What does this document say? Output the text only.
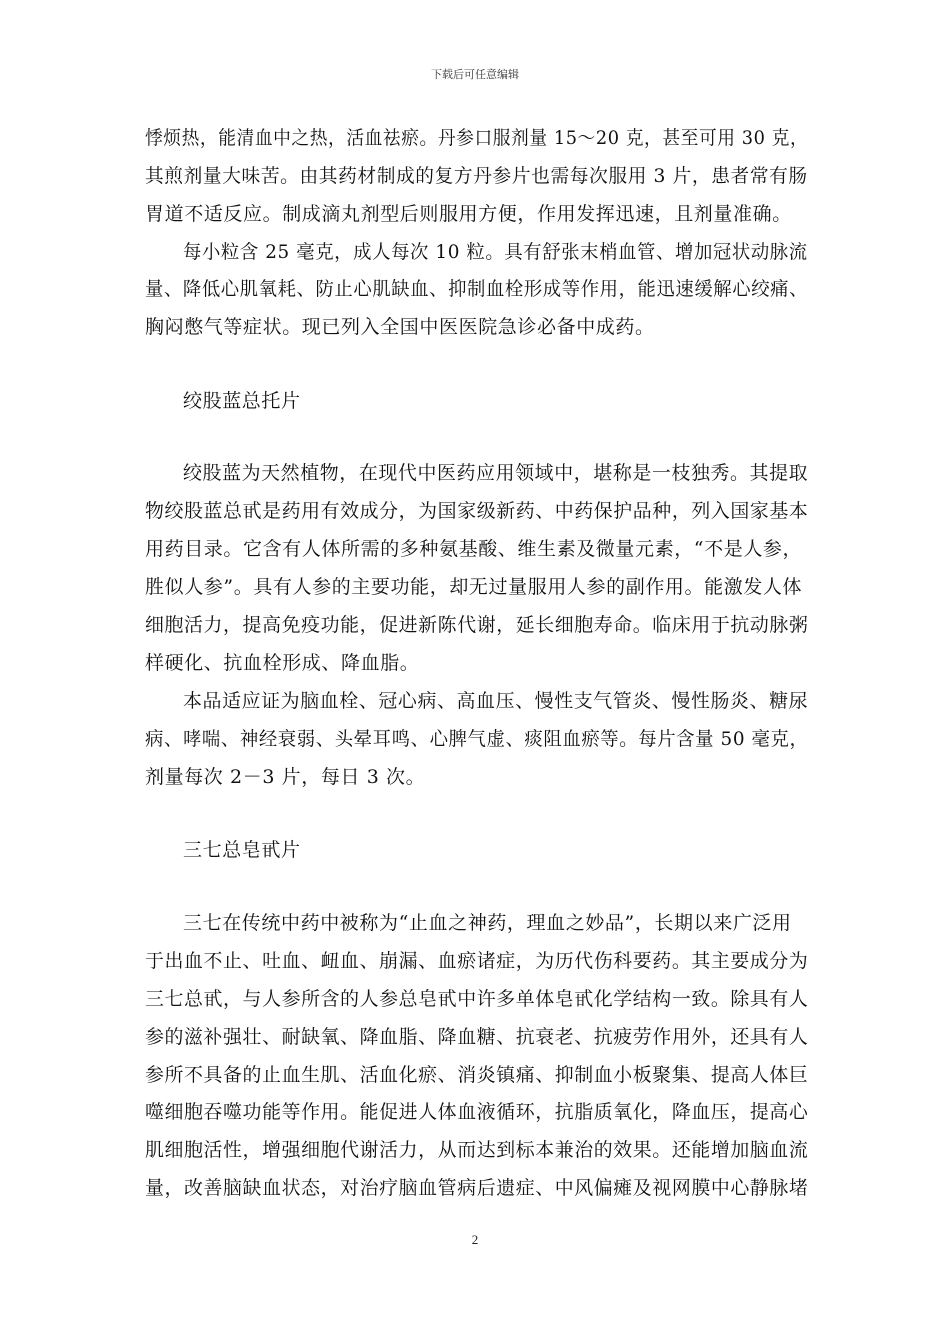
下载后可任意编辑
悸烦热，能清血中之热，活血祛瘀。丹参口服剂量 15～20 克，甚至可用 30 克，
其煎剂量大味苦。由其药材制成的复方丹参片也需每次服用 3 片，患者常有肠
胃道不适反应。制成滴丸剂型后则服用方便，作用发挥迅速，且剂量准确。
每小粒含 25 毫克，成人每次 10 粒。具有舒张末梢血管、增加冠状动脉流
量、降低心肌氧耗、防止心肌缺血、抑制血栓形成等作用，能迅速缓解心绞痛、
胸闷憋气等症状。现已列入全国中医医院急诊必备中成药。
绞股蓝总托片
绞股蓝为天然植物，在现代中医药应用领域中，堪称是一枝独秀。其提取
物绞股蓝总甙是药用有效成分，为国家级新药、中药保护品种，列入国家基本
用药目录。它含有人体所需的多种氨基酸、维生素及微量元素，“不是人参，
胜似人参”。具有人参的主要功能，却无过量服用人参的副作用。能激发人体
细胞活力，提高免疫功能，促进新陈代谢，延长细胞寿命。临床用于抗动脉粥
样硬化、抗血栓形成、降血脂。
本品适应证为脑血栓、冠心病、高血压、慢性支气管炎、慢性肠炎、糖尿
病、哮喘、神经衰弱、头晕耳鸣、心脾气虚、痰阻血瘀等。每片含量 50 毫克，
剂量每次 2－3 片，每日 3 次。
三七总皂甙片
三七在传统中药中被称为“止血之神药，理血之妙品”，长期以来广泛用
于出血不止、吐血、衄血、崩漏、血瘀诸症，为历代伤科要药。其主要成分为
三七总甙，与人参所含的人参总皂甙中许多单体皂甙化学结构一致。除具有人
参的滋补强壮、耐缺氧、降血脂、降血糖、抗衰老、抗疲劳作用外，还具有人
参所不具备的止血生肌、活血化瘀、消炎镇痛、抑制血小板聚集、提高人体巨
噬细胞吞噬功能等作用。能促进人体血液循环，抗脂质氧化，降血压，提高心
肌细胞活性，增强细胞代谢活力，从而达到标本兼治的效果。还能增加脑血流
量，改善脑缺血状态，对治疗脑血管病后遗症、中风偏瘫及视网膜中心静脉堵
2
